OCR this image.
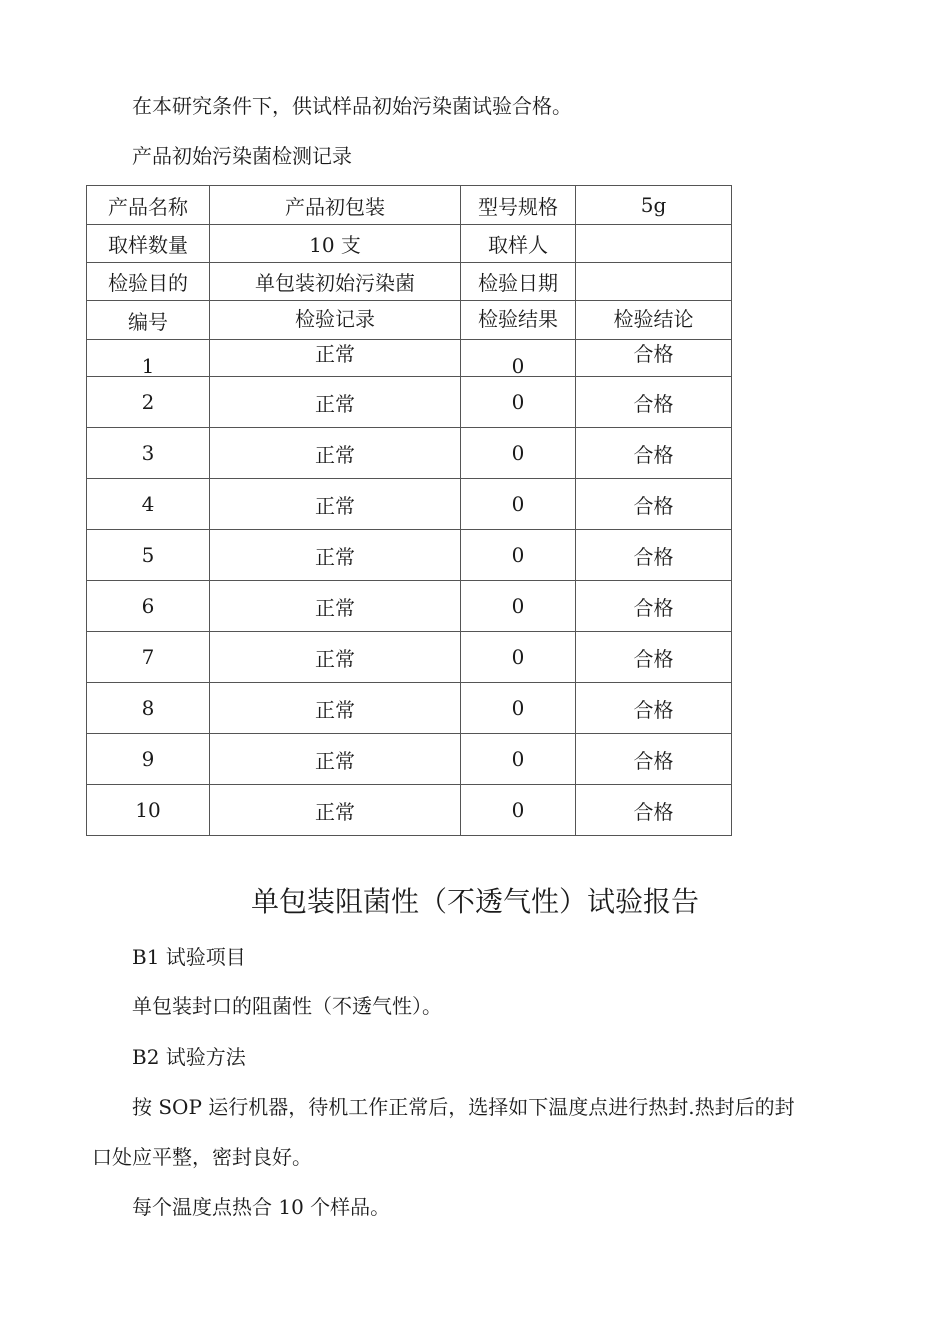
在本研究条件下，供试样品初始污染菌试验合格。
产品初始污染菌检测记录
产品名称	产品初包装	型号规格	5g
取样数量	10 支	取样人	
检验目的	单包装初始污染菌	检验日期	
编号	检验记录	检验结果	检验结论
1	正常	0	合格
2	正常	0	合格
3	正常	0	合格
4	正常	0	合格
5	正常	0	合格
6	正常	0	合格
7	正常	0	合格
8	正常	0	合格
9	正常	0	合格
10	正常	0	合格
单包装阻菌性（不透气性）试验报告
B1 试验项目
单包装封口的阻菌性（不透气性）。
B2 试验方法
按 SOP 运行机器，待机工作正常后，选择如下温度点进行热封.热封后的封
口处应平整，密封良好。
每个温度点热合 10 个样品。
